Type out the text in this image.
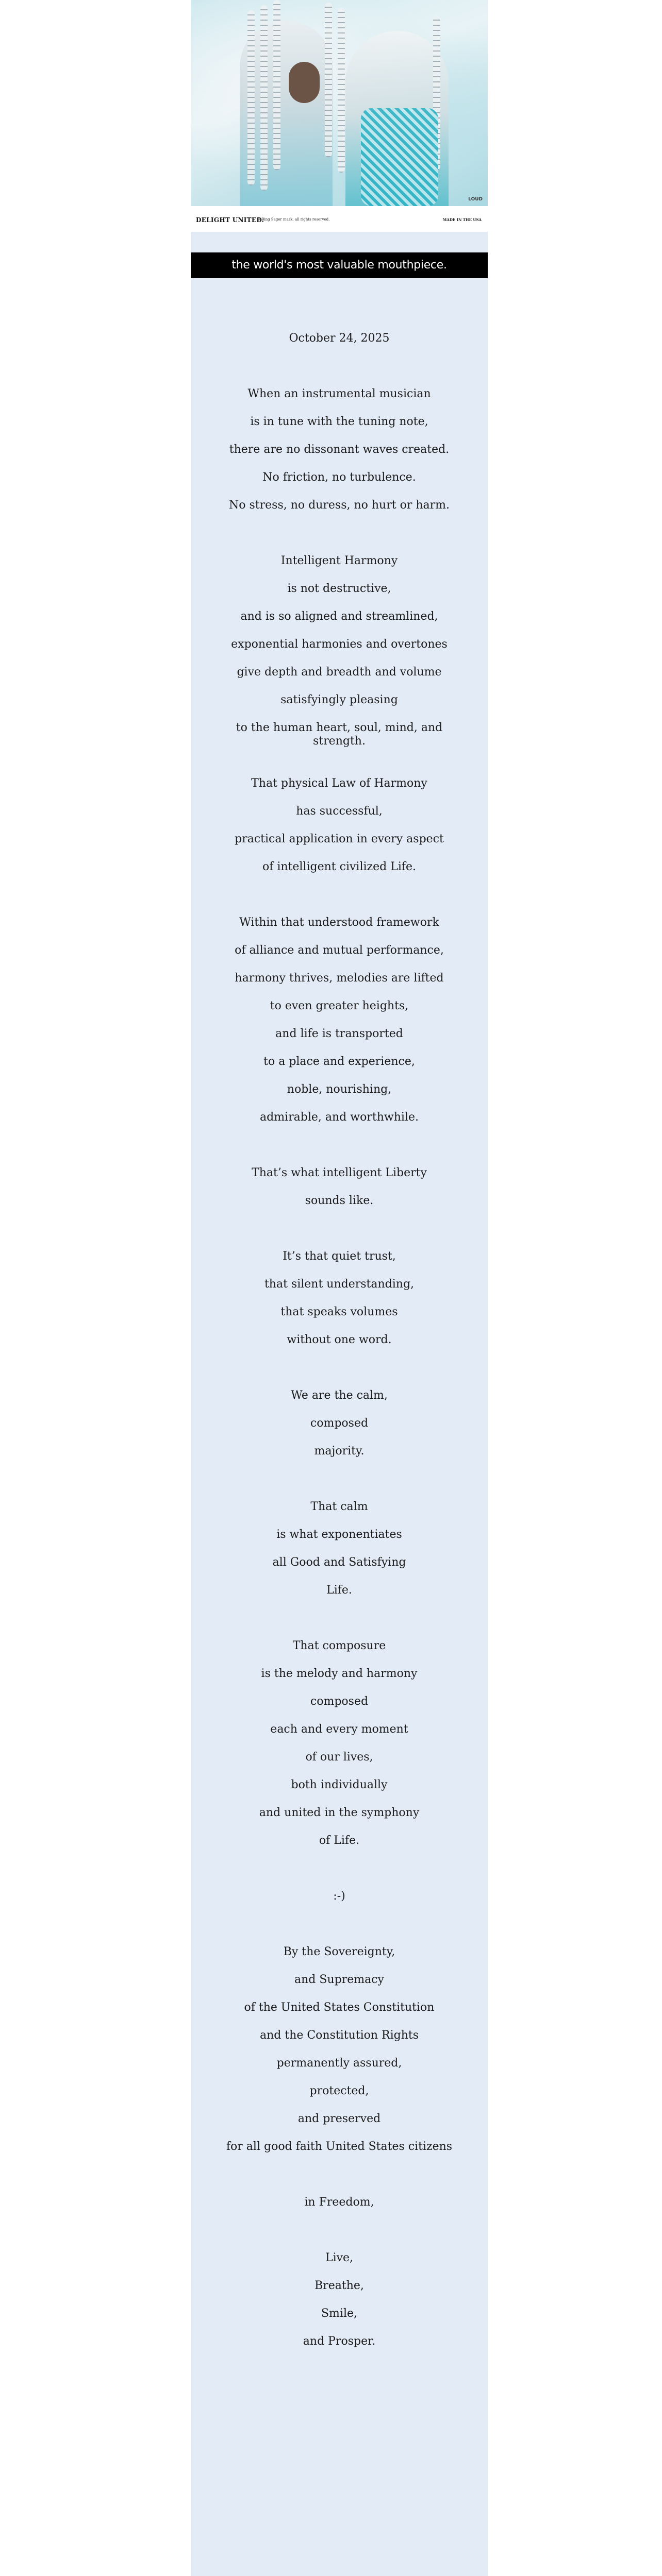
LOUD
DELIGHT UNITED.
® Bing Sager mark. all rights reserved.	MADE IN THE USA
the world's most valuable mouthpiece.
October 24, 2025
When an instrumental musician
is in tune with the tuning note,
there are no dissonant waves created.
No friction, no turbulence.
No stress, no duress, no hurt or harm.
Intelligent Harmony
is not destructive,
and is so aligned and streamlined,
exponential harmonies and overtones
give depth and breadth and volume
satisfyingly pleasing
to the human heart, soul, mind, and strength.
That physical Law of Harmony
has successful,
practical application in every aspect
of intelligent civilized Life.
Within that understood framework
of alliance and mutual performance,
harmony thrives, melodies are lifted
to even greater heights,
and life is transported
to a place and experience,
noble, nourishing,
admirable, and worthwhile.
That’s what intelligent Liberty
sounds like.
It’s that quiet trust,
that silent understanding,
that speaks volumes
without one word.
We are the calm,
composed
majority.
That calm
is what exponentiates
all Good and Satisfying
Life.
That composure
is the melody and harmony
composed
each and every moment
of our lives,
both individually
and united in the symphony
of Life.
:-)
By the Sovereignty,
and Supremacy
of the United States Constitution
and the Constitution Rights
permanently assured,
protected,
and preserved
for all good faith United States citizens
in Freedom,
Live,
Breathe,
Smile,
and Prosper.
